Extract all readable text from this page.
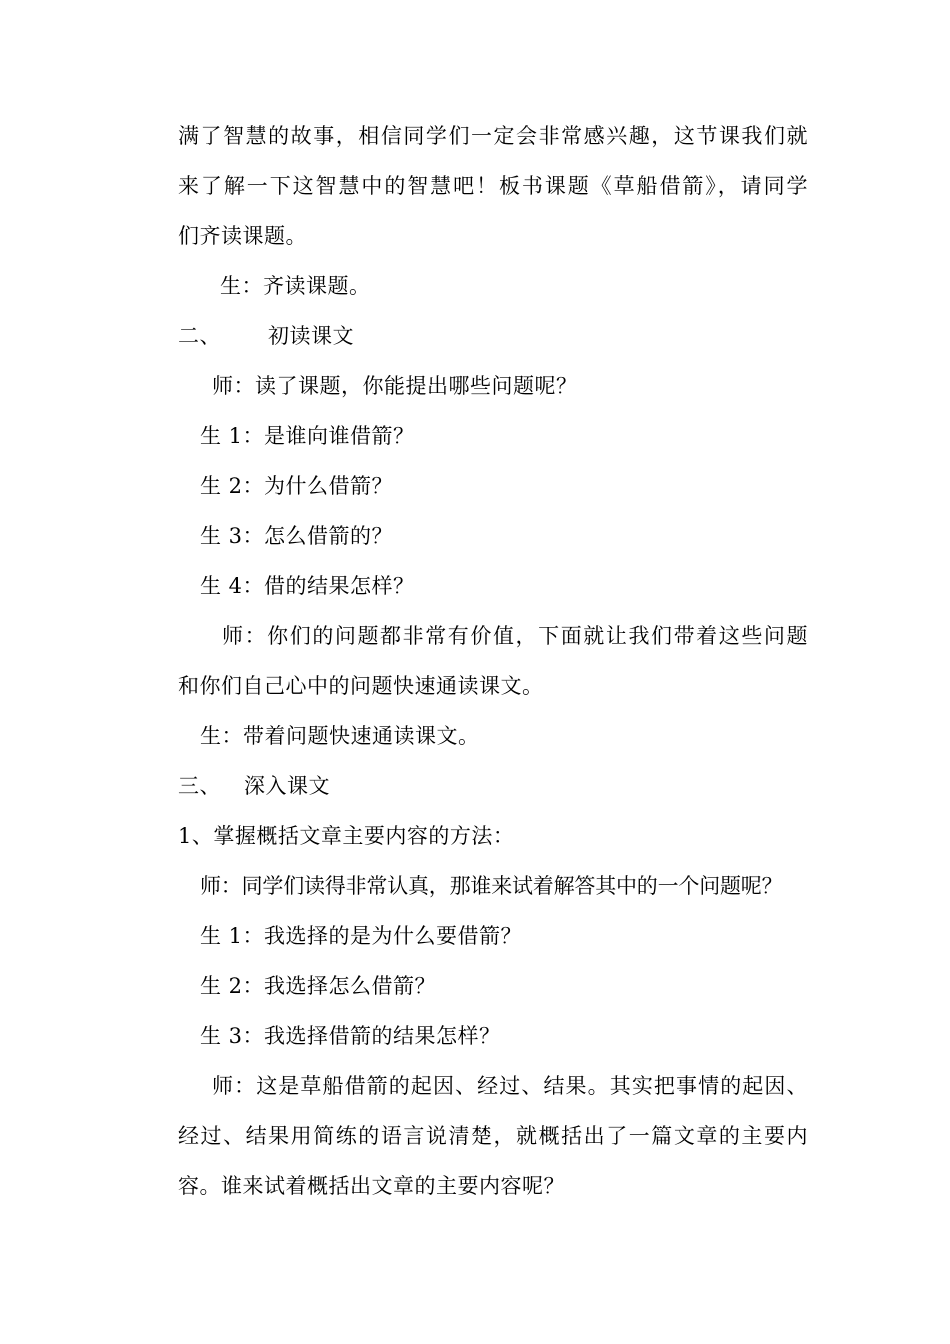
满了智慧的故事，相信同学们一定会非常感兴趣，这节课我们就
来了解一下这智慧中的智慧吧！板书课题《草船借箭》，请同学
们齐读课题。
生：齐读课题。
二、 初读课文
师：读了课题，你能提出哪些问题呢？
生 1：是谁向谁借箭？
生 2：为什么借箭？
生 3：怎么借箭的？
生 4：借的结果怎样？
师：你们的问题都非常有价值，下面就让我们带着这些问题
和你们自己心中的问题快速通读课文。
生：带着问题快速通读课文。
三、 深入课文
1、掌握概括文章主要内容的方法：
师：同学们读得非常认真，那谁来试着解答其中的一个问题呢？
生 1：我选择的是为什么要借箭？
生 2：我选择怎么借箭？
生 3：我选择借箭的结果怎样？
师：这是草船借箭的起因、经过、结果。其实把事情的起因、
经过、结果用简练的语言说清楚，就概括出了一篇文章的主要内
容。谁来试着概括出文章的主要内容呢？
